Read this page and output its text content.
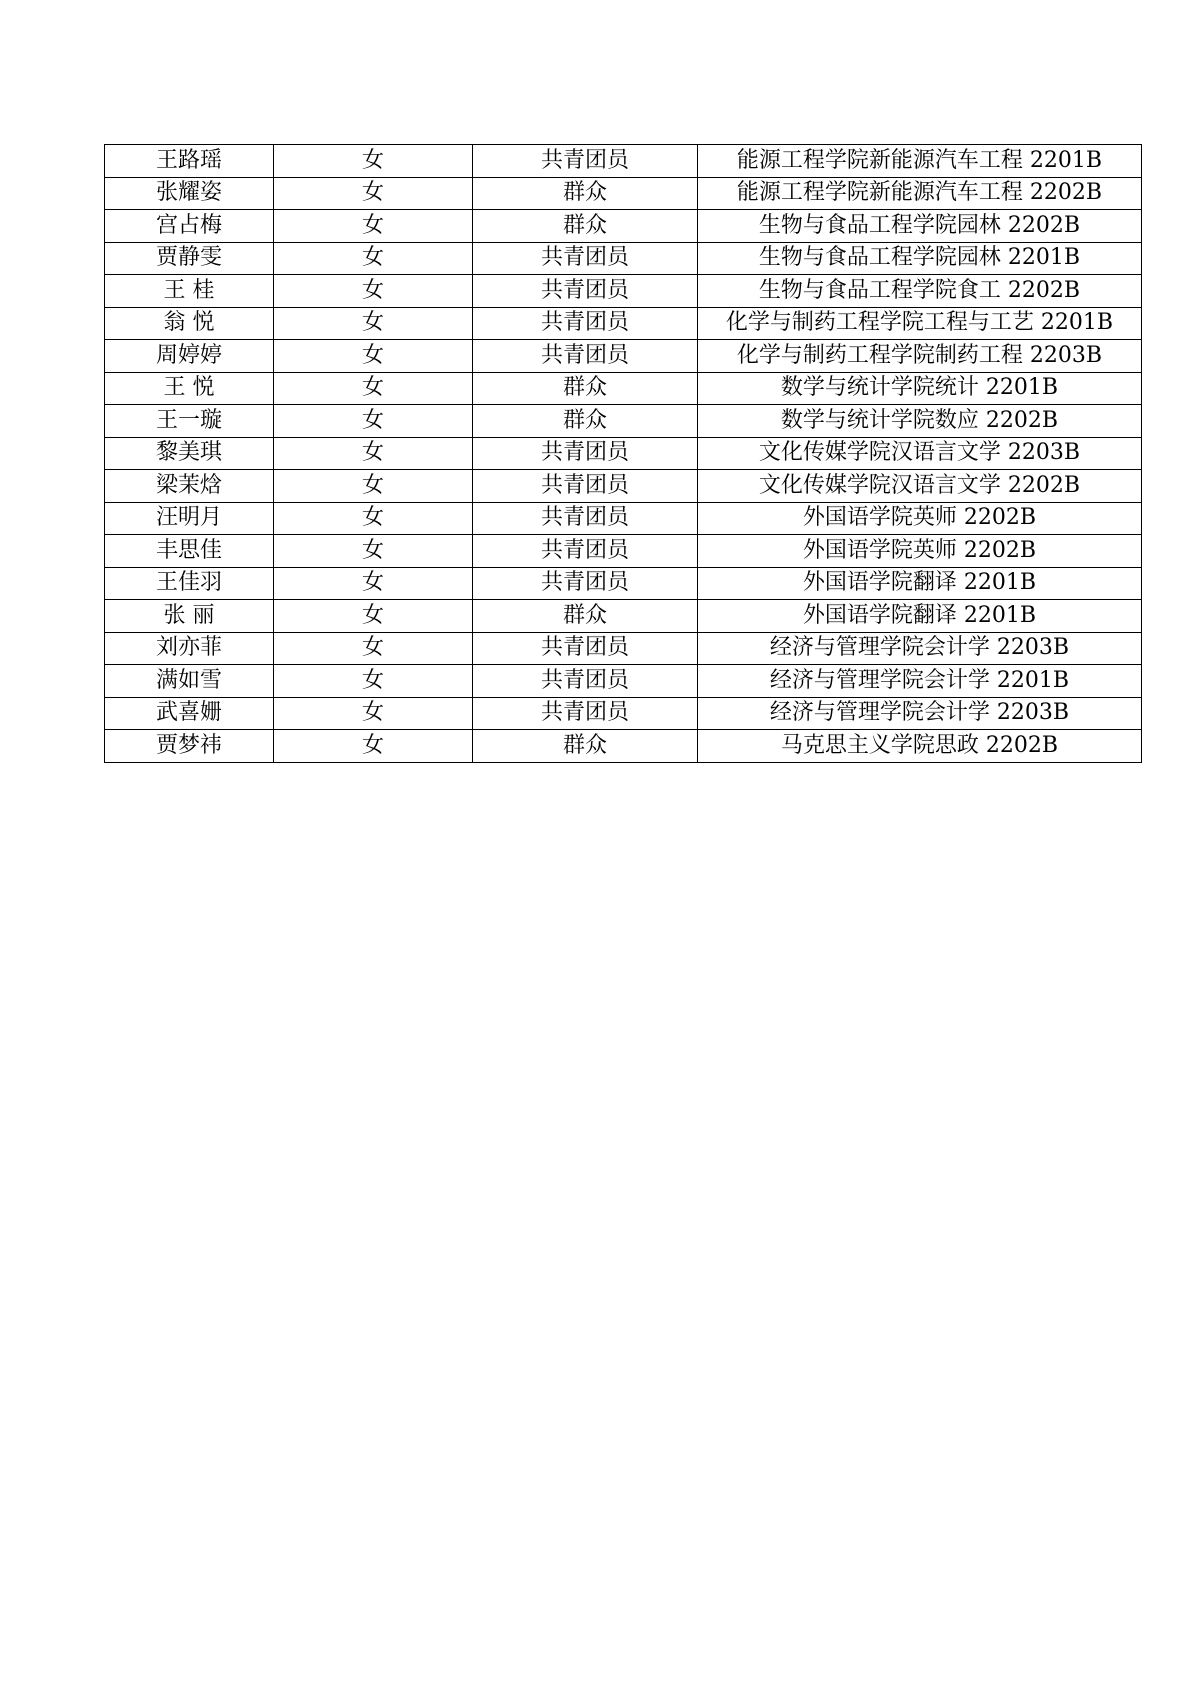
王路瑶	女	共青团员	能源工程学院新能源汽车工程 2201B
张耀姿	女	群众	能源工程学院新能源汽车工程 2202B
宫占梅	女	群众	生物与食品工程学院园林 2202B
贾静雯	女	共青团员	生物与食品工程学院园林 2201B
王 桂	女	共青团员	生物与食品工程学院食工 2202B
翁 悦	女	共青团员	化学与制药工程学院工程与工艺 2201B
周婷婷	女	共青团员	化学与制药工程学院制药工程 2203B
王 悦	女	群众	数学与统计学院统计 2201B
王一璇	女	群众	数学与统计学院数应 2202B
黎美琪	女	共青团员	文化传媒学院汉语言文学 2203B
梁茉焓	女	共青团员	文化传媒学院汉语言文学 2202B
汪明月	女	共青团员	外国语学院英师 2202B
丰思佳	女	共青团员	外国语学院英师 2202B
王佳羽	女	共青团员	外国语学院翻译 2201B
张 丽	女	群众	外国语学院翻译 2201B
刘亦菲	女	共青团员	经济与管理学院会计学 2203B
满如雪	女	共青团员	经济与管理学院会计学 2201B
武喜姗	女	共青团员	经济与管理学院会计学 2203B
贾梦祎	女	群众	马克思主义学院思政 2202B
